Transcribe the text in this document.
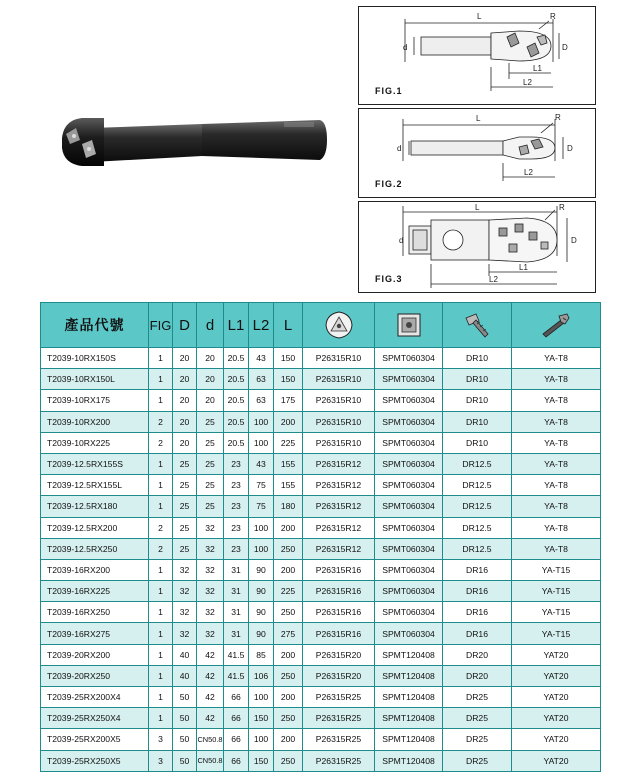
L	R
d	D
L1
L2
FIG.1
L	R
d	D
L2
FIG.2
L	R
d	D
L1
L2
FIG.3
產品代號	FIG	D	d	L1	L2	L	

T2039-10RX150S	1	20	20	20.5	43	150	P26315R10	SPMT060304	DR10	YA-T8
T2039-10RX150L	1	20	20	20.5	63	150	P26315R10	SPMT060304	DR10	YA-T8
T2039-10RX175	1	20	20	20.5	63	175	P26315R10	SPMT060304	DR10	YA-T8
T2039-10RX200	2	20	25	20.5	100	200	P26315R10	SPMT060304	DR10	YA-T8
T2039-10RX225	2	20	25	20.5	100	225	P26315R10	SPMT060304	DR10	YA-T8
T2039-12.5RX155S	1	25	25	23	43	155	P26315R12	SPMT060304	DR12.5	YA-T8
T2039-12.5RX155L	1	25	25	23	75	155	P26315R12	SPMT060304	DR12.5	YA-T8
T2039-12.5RX180	1	25	25	23	75	180	P26315R12	SPMT060304	DR12.5	YA-T8
T2039-12.5RX200	2	25	32	23	100	200	P26315R12	SPMT060304	DR12.5	YA-T8
T2039-12.5RX250	2	25	32	23	100	250	P26315R12	SPMT060304	DR12.5	YA-T8
T2039-16RX200	1	32	32	31	90	200	P26315R16	SPMT060304	DR16	YA-T15
T2039-16RX225	1	32	32	31	90	225	P26315R16	SPMT060304	DR16	YA-T15
T2039-16RX250	1	32	32	31	90	250	P26315R16	SPMT060304	DR16	YA-T15
T2039-16RX275	1	32	32	31	90	275	P26315R16	SPMT060304	DR16	YA-T15
T2039-20RX200	1	40	42	41.5	85	200	P26315R20	SPMT120408	DR20	YAT20
T2039-20RX250	1	40	42	41.5	106	250	P26315R20	SPMT120408	DR20	YAT20
T2039-25RX200X4	1	50	42	66	100	200	P26315R25	SPMT120408	DR25	YAT20
T2039-25RX250X4	1	50	42	66	150	250	P26315R25	SPMT120408	DR25	YAT20
T2039-25RX200X5	3	50	CN50.8	66	100	200	P26315R25	SPMT120408	DR25	YAT20
T2039-25RX250X5	3	50	CN50.8	66	150	250	P26315R25	SPMT120408	DR25	YAT20
